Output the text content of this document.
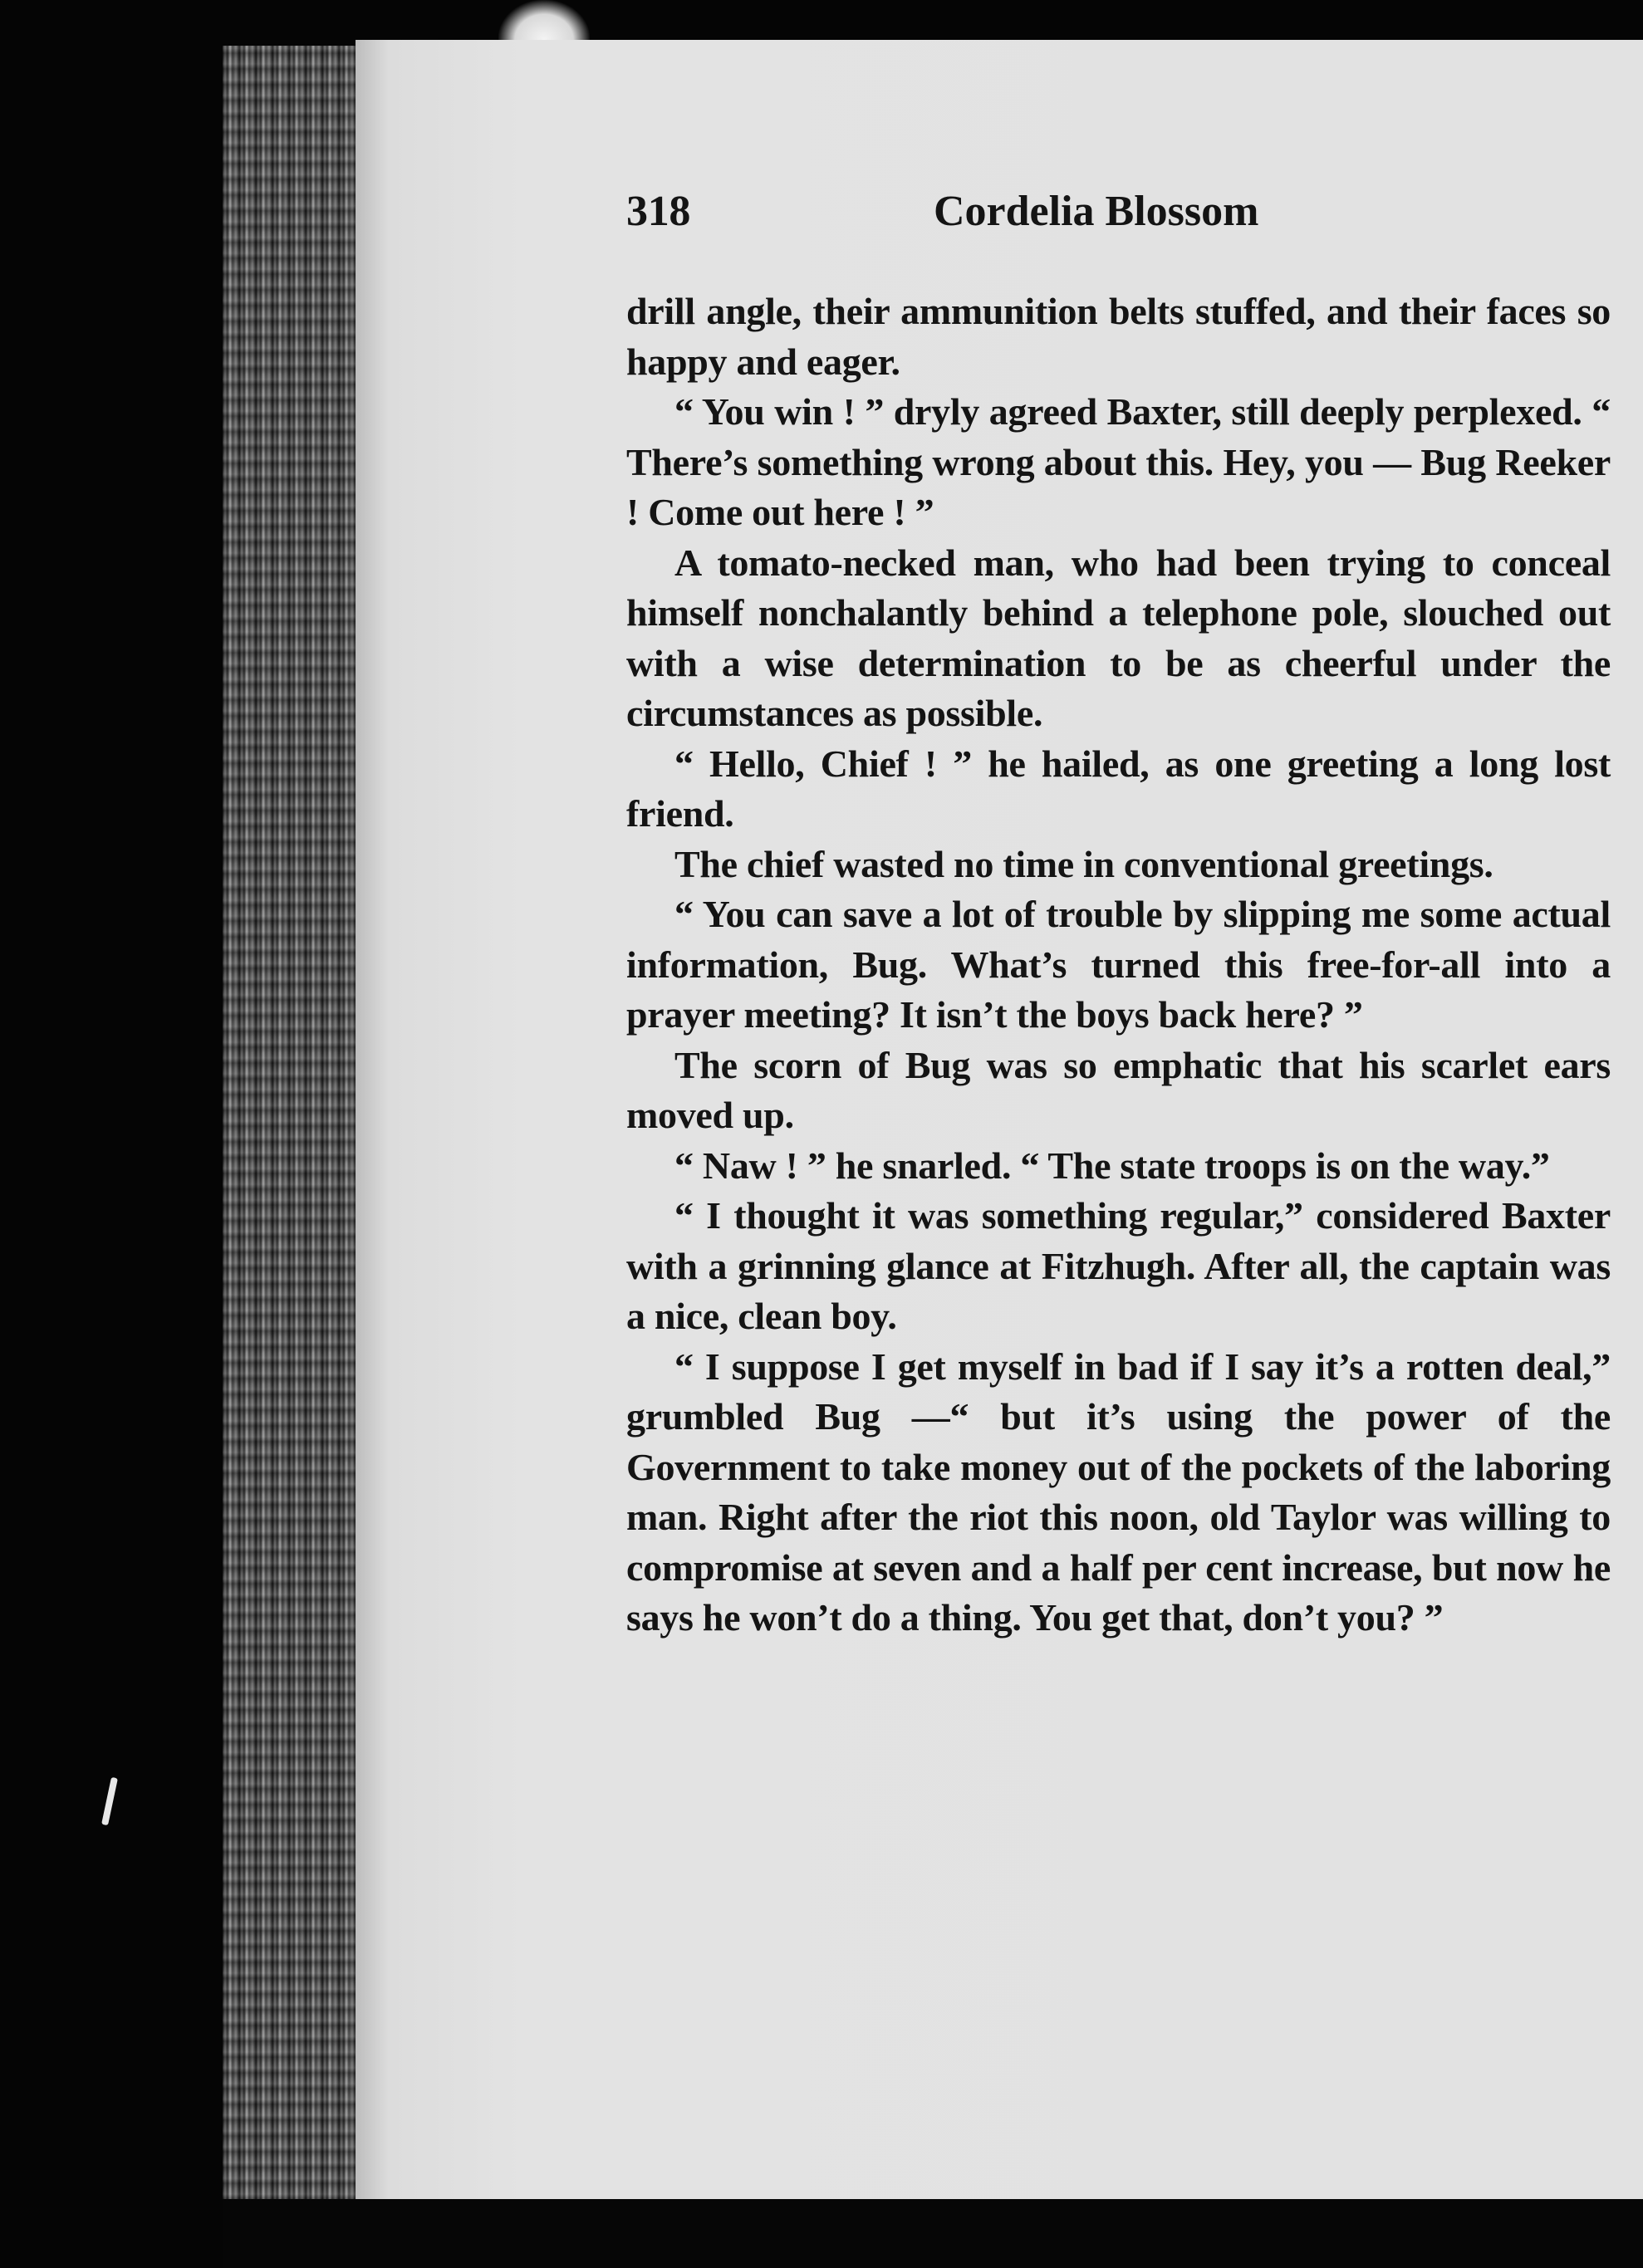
318	Cordelia Blossom

drill angle, their ammunition belts stuffed, and their faces so happy and eager.

“ You win ! ” dryly agreed Baxter, still deeply perplexed. “ There’s something wrong about this. Hey, you — Bug Reeker ! Come out here ! ”

A tomato-necked man, who had been trying to conceal himself nonchalantly behind a telephone pole, slouched out with a wise determination to be as cheerful under the circumstances as possible.

“ Hello, Chief ! ” he hailed, as one greeting a long lost friend.

The chief wasted no time in conventional greetings.

“ You can save a lot of trouble by slipping me some actual information, Bug. What’s turned this free-for-all into a prayer meeting? It isn’t the boys back here? ”

The scorn of Bug was so emphatic that his scarlet ears moved up.

“ Naw ! ” he snarled. “ The state troops is on the way.”

“ I thought it was something regular,” considered Baxter with a grinning glance at Fitzhugh. After all, the captain was a nice, clean boy.

“ I suppose I get myself in bad if I say it’s a rotten deal,” grumbled Bug —“ but it’s using the power of the Government to take money out of the pockets of the laboring man. Right after the riot this noon, old Taylor was willing to compromise at seven and a half per cent increase, but now he says he won’t do a thing. You get that, don’t you? ”
